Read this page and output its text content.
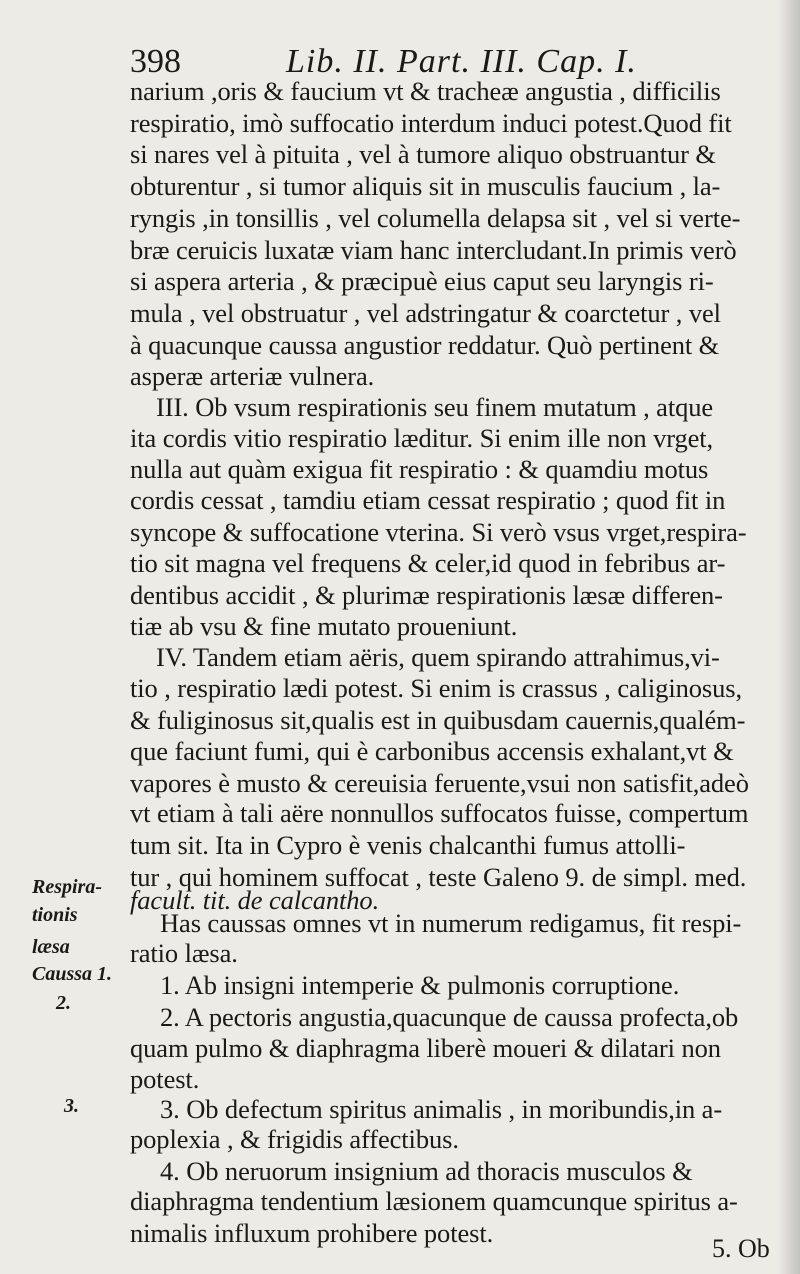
398	Lib. II. Part. III. Cap. I.
narium ,oris & faucium vt & tracheæ angustia , difficilis
respiratio, imò suffocatio interdum induci potest.Quod fit
si nares vel à pituita , vel à tumore aliquo obstruantur &
obturentur , si tumor aliquis sit in musculis faucium , la-
ryngis ,in tonsillis , vel columella delapsa sit , vel si verte-
bræ ceruicis luxatæ viam hanc intercludant.In primis verò
si aspera arteria , & præcipuè eius caput seu laryngis ri-
mula , vel obstruatur , vel adstringatur & coarctetur , vel
à quacunque caussa angustior reddatur. Quò pertinent &
asperæ arteriæ vulnera.
III. Ob vsum respirationis seu finem mutatum , atque
ita cordis vitio respiratio læditur. Si enim ille non vrget,
nulla aut quàm exigua fit respiratio : & quamdiu motus
cordis cessat , tamdiu etiam cessat respiratio ; quod fit in
syncope & suffocatione vterina. Si verò vsus vrget,respira-
tio sit magna vel frequens & celer,id quod in febribus ar-
dentibus accidit , & plurimæ respirationis læsæ differen-
tiæ ab vsu & fine mutato proueniunt.
IV. Tandem etiam aëris, quem spirando attrahimus,vi-
tio , respiratio lædi potest. Si enim is crassus , caliginosus,
& fuliginosus sit,qualis est in quibusdam cauernis,qualém-
que faciunt fumi, qui è carbonibus accensis exhalant,vt &
vapores è musto & cereuisia feruente,vsui non satisfit,adeò
vt etiam à tali aëre nonnullos suffocatos fuisse, compertum
tum sit. Ita in Cypro è venis chalcanthi fumus attolli-
tur , qui hominem suffocat , teste Galeno 9. de simpl. med.
facult. tit. de calcantho.
Has caussas omnes vt in numerum redigamus, fit respi-
ratio læsa.
1. Ab insigni intemperie & pulmonis corruptione.
2. A pectoris angustia,quacunque de caussa profecta,ob
quam pulmo & diaphragma liberè moueri & dilatari non
potest.
3. Ob defectum spiritus animalis , in moribundis,in a-
poplexia , & frigidis affectibus.
4. Ob neruorum insignium ad thoracis musculos &
diaphragma tendentium læsionem quamcunque spiritus a-
nimalis influxum prohibere potest.
Respira-
tionis
læsa
Caussa 1.
2.
3.
5. Ob
